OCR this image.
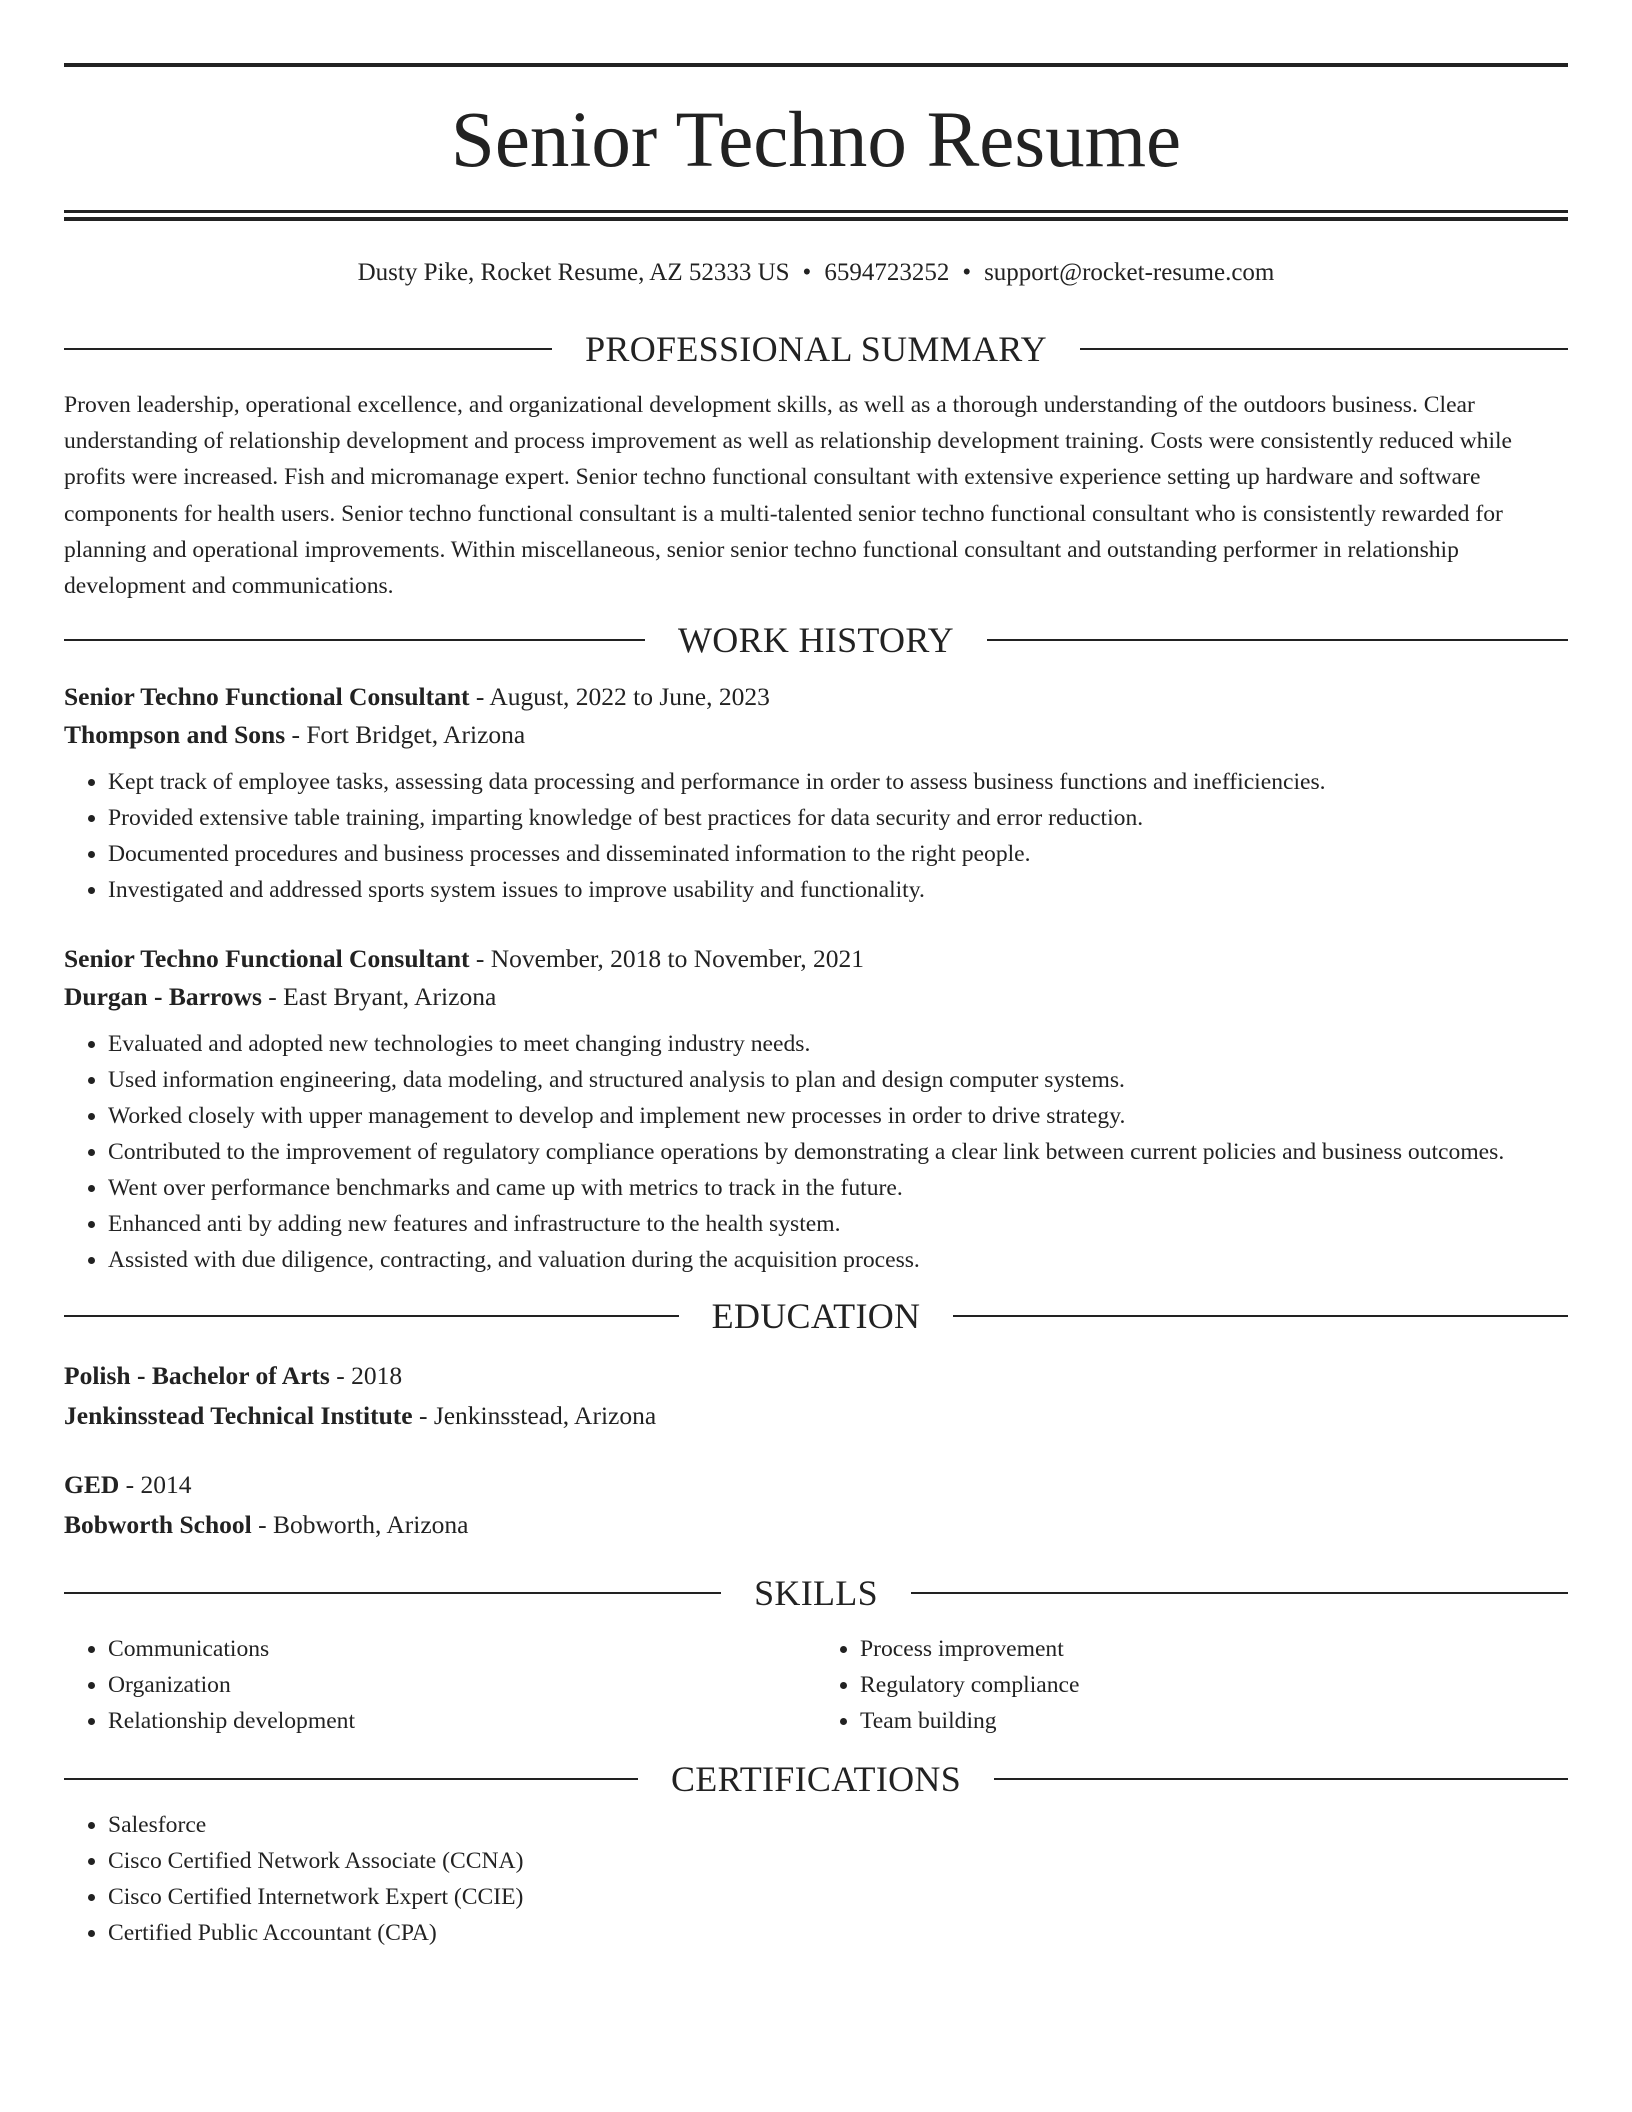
Senior Techno Resume
Dusty Pike, Rocket Resume, AZ 52333 US • 6594723252 • support@rocket-resume.com
PROFESSIONAL SUMMARY

Proven leadership, operational excellence, and organizational development skills, as well as a thorough understanding of the outdoors business. Clear understanding of relationship development and process improvement as well as relationship development training. Costs were consistently reduced while profits were increased. Fish and micromanage expert. Senior techno functional consultant with extensive experience setting up hardware and software components for health users. Senior techno functional consultant is a multi-talented senior techno functional consultant who is consistently rewarded for planning and operational improvements. Within miscellaneous, senior senior techno functional consultant and outstanding performer in relationship development and communications.

WORK HISTORY
Senior Techno Functional Consultant - August, 2022 to June, 2023
Thompson and Sons - Fort Bridget, Arizona
• Kept track of employee tasks, assessing data processing and performance in order to assess business functions and inefficiencies.
• Provided extensive table training, imparting knowledge of best practices for data security and error reduction.
• Documented procedures and business processes and disseminated information to the right people.
• Investigated and addressed sports system issues to improve usability and functionality.
Senior Techno Functional Consultant - November, 2018 to November, 2021
Durgan - Barrows - East Bryant, Arizona
• Evaluated and adopted new technologies to meet changing industry needs.
• Used information engineering, data modeling, and structured analysis to plan and design computer systems.
• Worked closely with upper management to develop and implement new processes in order to drive strategy.
• Contributed to the improvement of regulatory compliance operations by demonstrating a clear link between current policies and business outcomes.
• Went over performance benchmarks and came up with metrics to track in the future.
• Enhanced anti by adding new features and infrastructure to the health system.
• Assisted with due diligence, contracting, and valuation during the acquisition process.
EDUCATION
Polish - Bachelor of Arts - 2018
Jenkinsstead Technical Institute - Jenkinsstead, Arizona
GED - 2014
Bobworth School - Bobworth, Arizona
SKILLS
• Communications
• Organization
• Relationship development
• Process improvement
• Regulatory compliance
• Team building
CERTIFICATIONS
• Salesforce
• Cisco Certified Network Associate (CCNA)
• Cisco Certified Internetwork Expert (CCIE)
• Certified Public Accountant (CPA)
